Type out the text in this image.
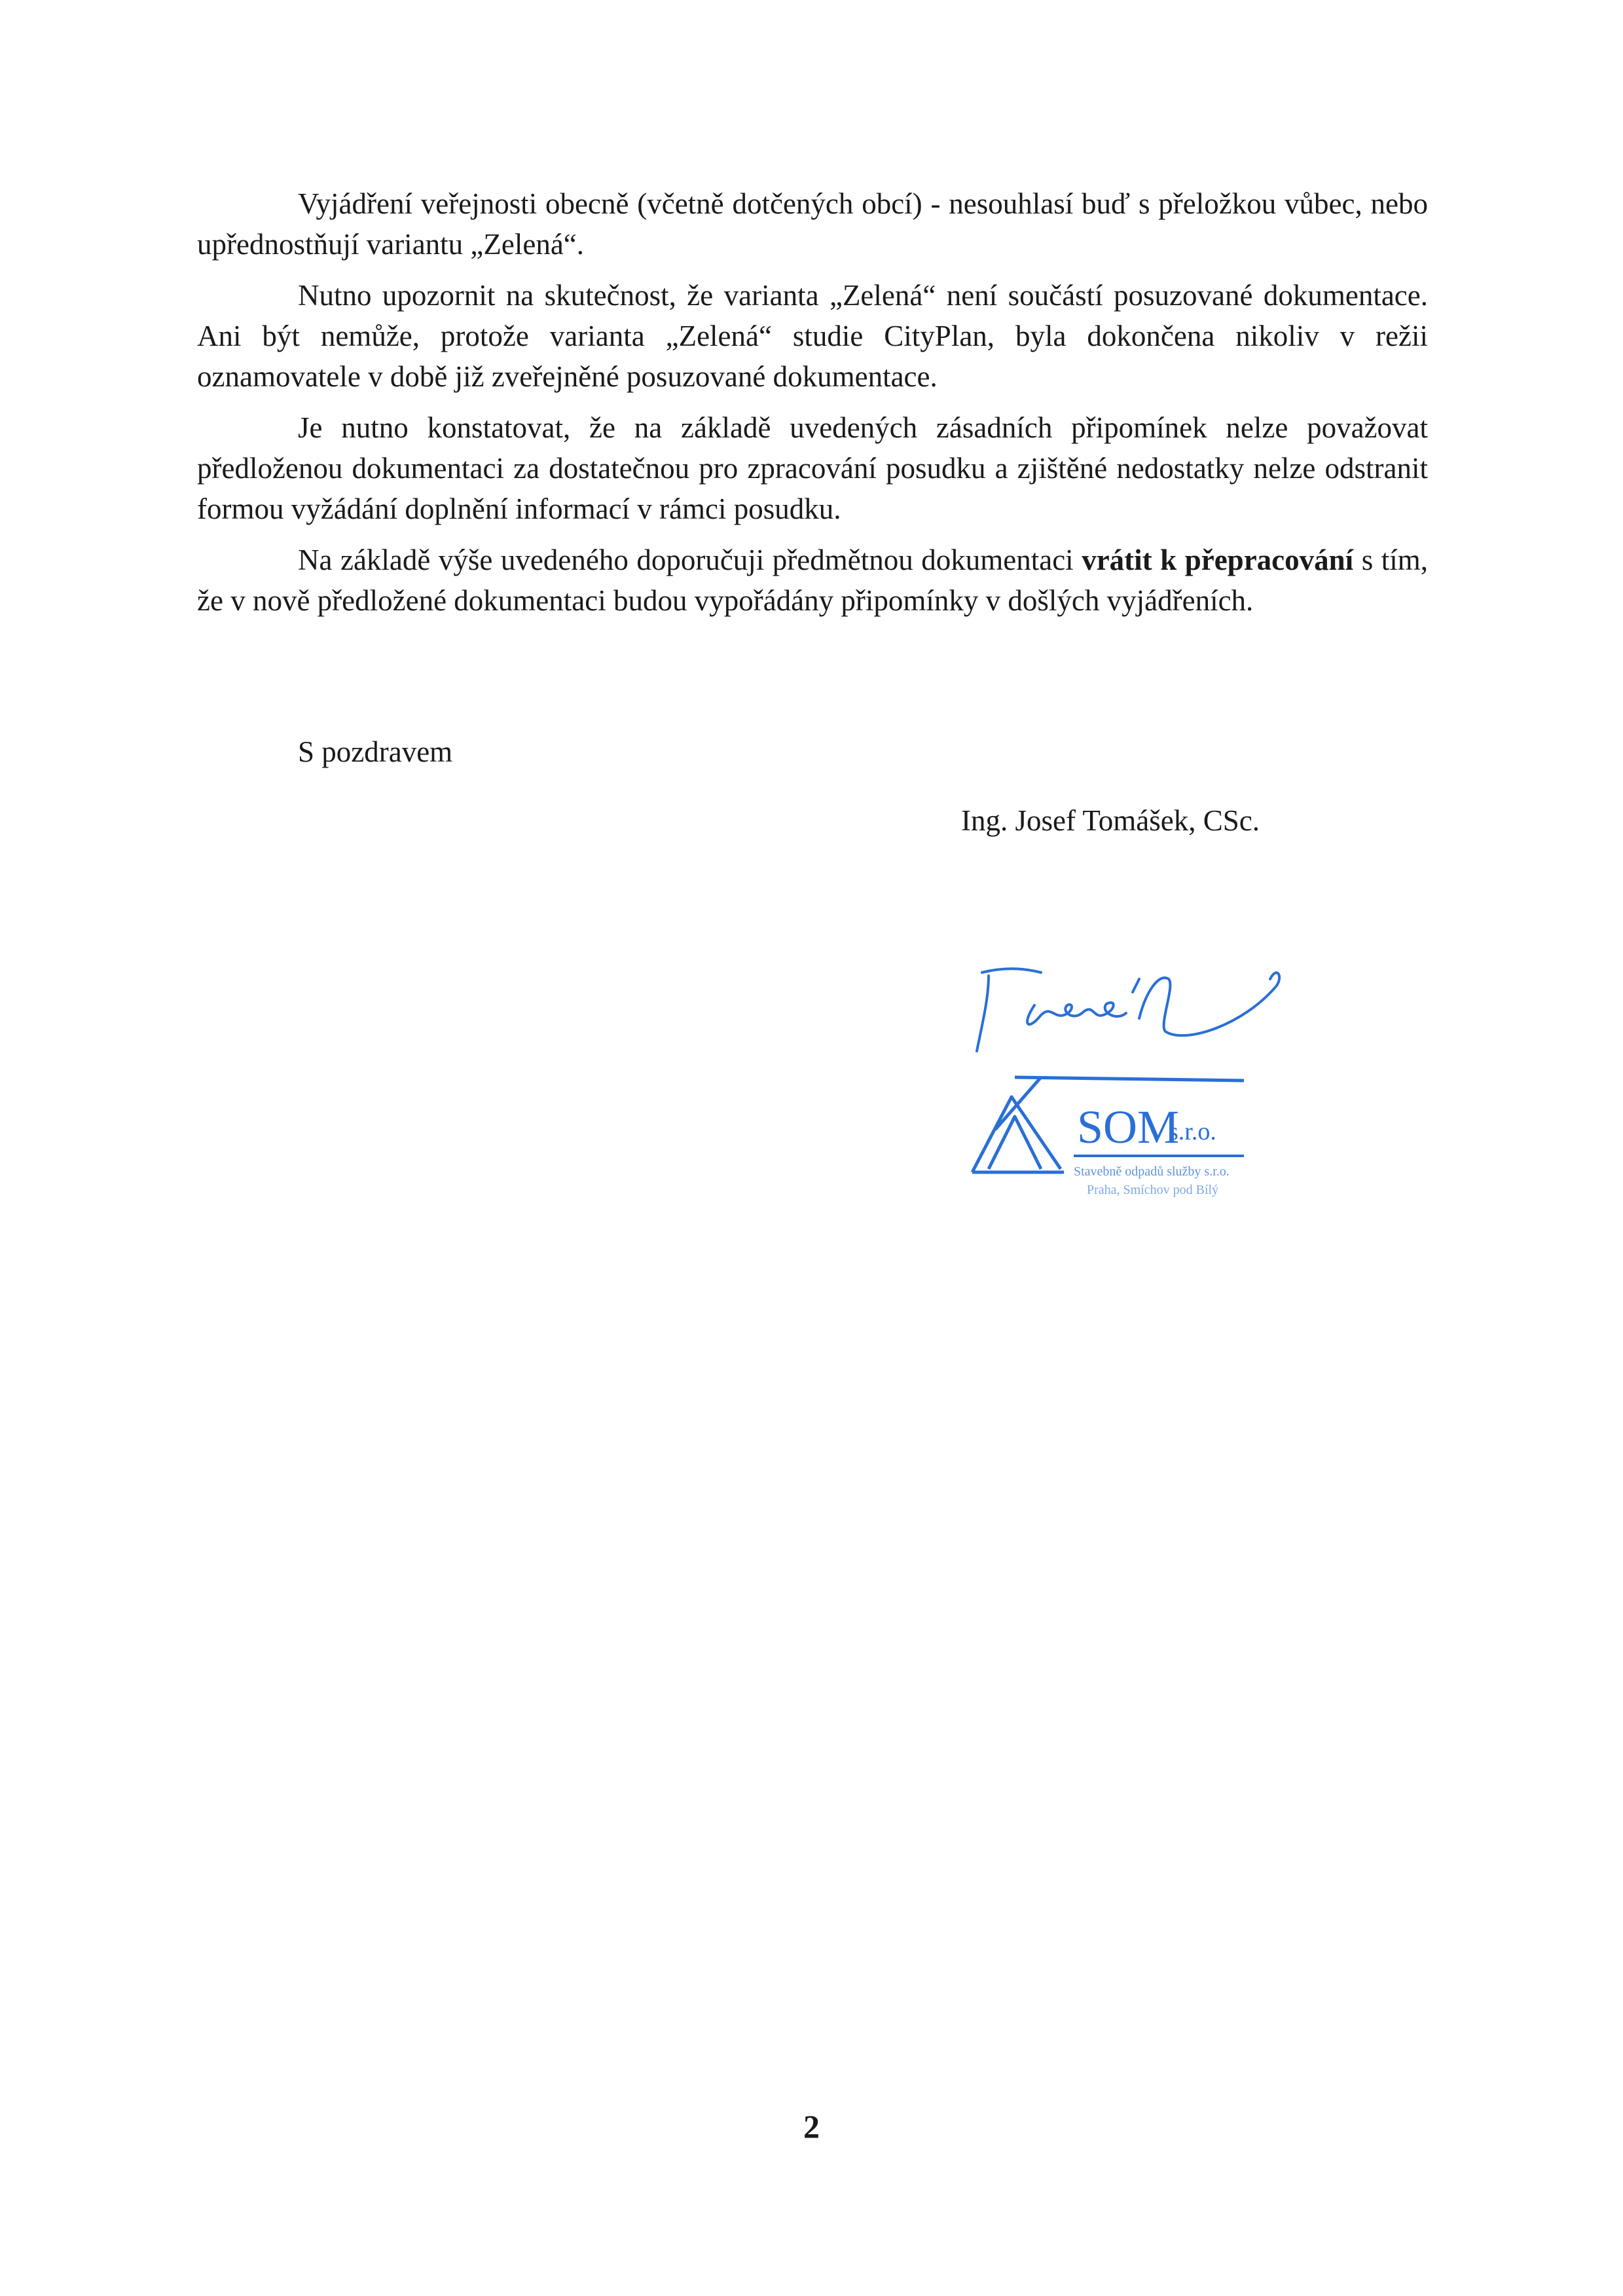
Vyjádření veřejnosti obecně (včetně dotčených obcí) - nesouhlasí buď s přeložkou vůbec, nebo upřednostňují variantu „Zelená“.

Nutno upozornit na skutečnost, že varianta „Zelená“ není součástí posuzované dokumentace. Ani být nemůže, protože varianta „Zelená“ studie CityPlan, byla dokončena nikoliv v režii oznamovatele v době již zveřejněné posuzované dokumentace.

Je nutno konstatovat, že na základě uvedených zásadních připomínek nelze považovat předloženou dokumentaci za dostatečnou pro zpracování posudku a zjištěné nedostatky nelze odstranit formou vyžádání doplnění informací v rámci posudku.

Na základě výše uvedeného doporučuji předmětnou dokumentaci vrátit k přepracování s tím, že v nově předložené dokumentaci budou vypořádány připomínky v došlých vyjádřeních.

S pozdravem

Ing. Josef Tomášek, CSc.

SOM
s.r.o.
Stavebně odpadů služby s.r.o.
Praha, Smíchov pod Bílý

2
